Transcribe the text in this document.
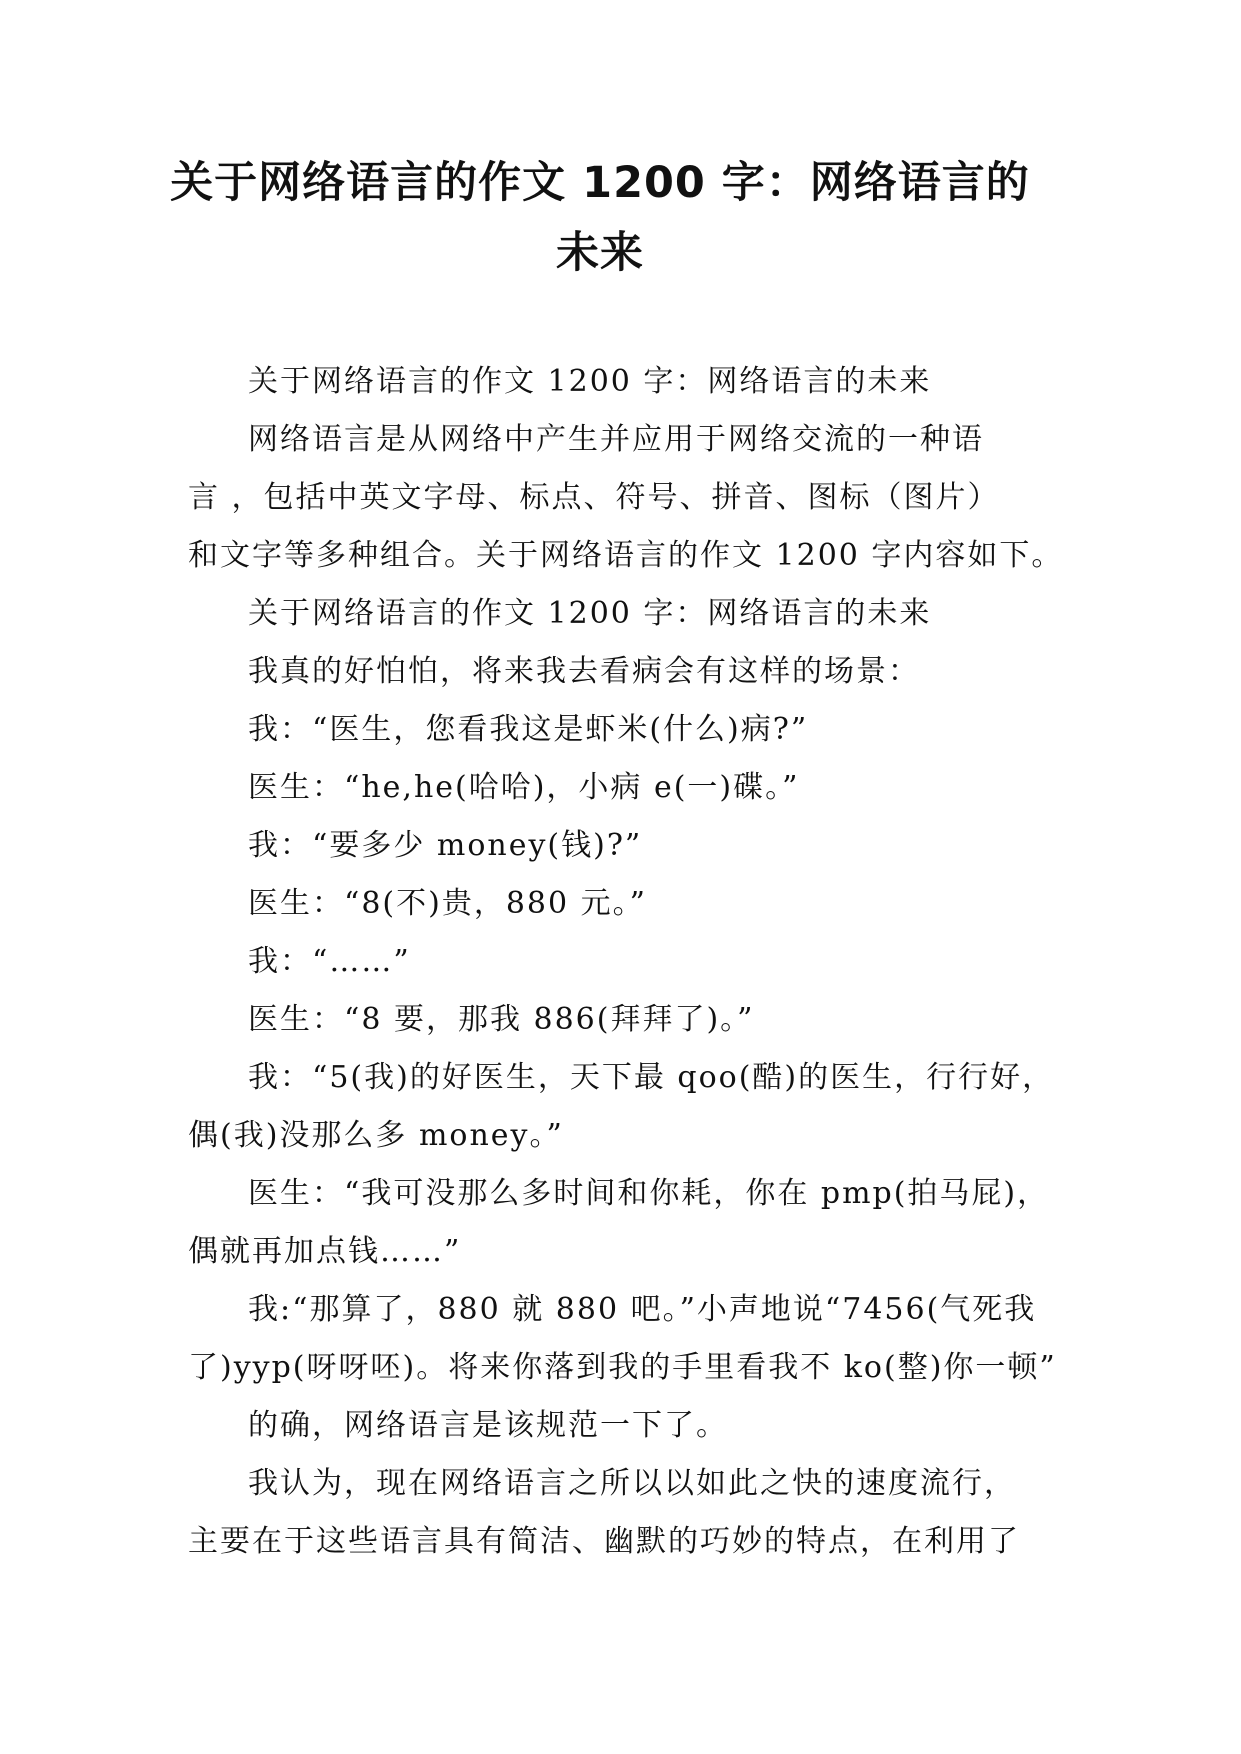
关于网络语言的作文 1200 字：网络语言的
未来

关于网络语言的作文 1200 字：网络语言的未来

网络语言是从网络中产生并应用于网络交流的一种语
言 ，包括中英文字母、标点、符号、拼音、图标（图片）
和文字等多种组合。关于网络语言的作文 1200 字内容如下。

关于网络语言的作文 1200 字：网络语言的未来

我真的好怕怕，将来我去看病会有这样的场景：

我：“医生，您看我这是虾米(什么)病?”

医生：“he,he(哈哈)，小病 e(一)碟。”

我：“要多少 money(钱)?”

医生：“8(不)贵，880 元。”

我：“……”

医生：“8 要，那我 886(拜拜了)。”

我：“5(我)的好医生，天下最 qoo(酷)的医生，行行好，
偶(我)没那么多 money。”

医生：“我可没那么多时间和你耗，你在 pmp(拍马屁)，
偶就再加点钱……”

我:“那算了，880 就 880 吧。”小声地说“7456(气死我
了)yyp(呀呀呸)。将来你落到我的手里看我不 ko(整)你一顿”

的确，网络语言是该规范一下了。

我认为，现在网络语言之所以以如此之快的速度流行，
主要在于这些语言具有简洁、幽默的巧妙的特点，在利用了
